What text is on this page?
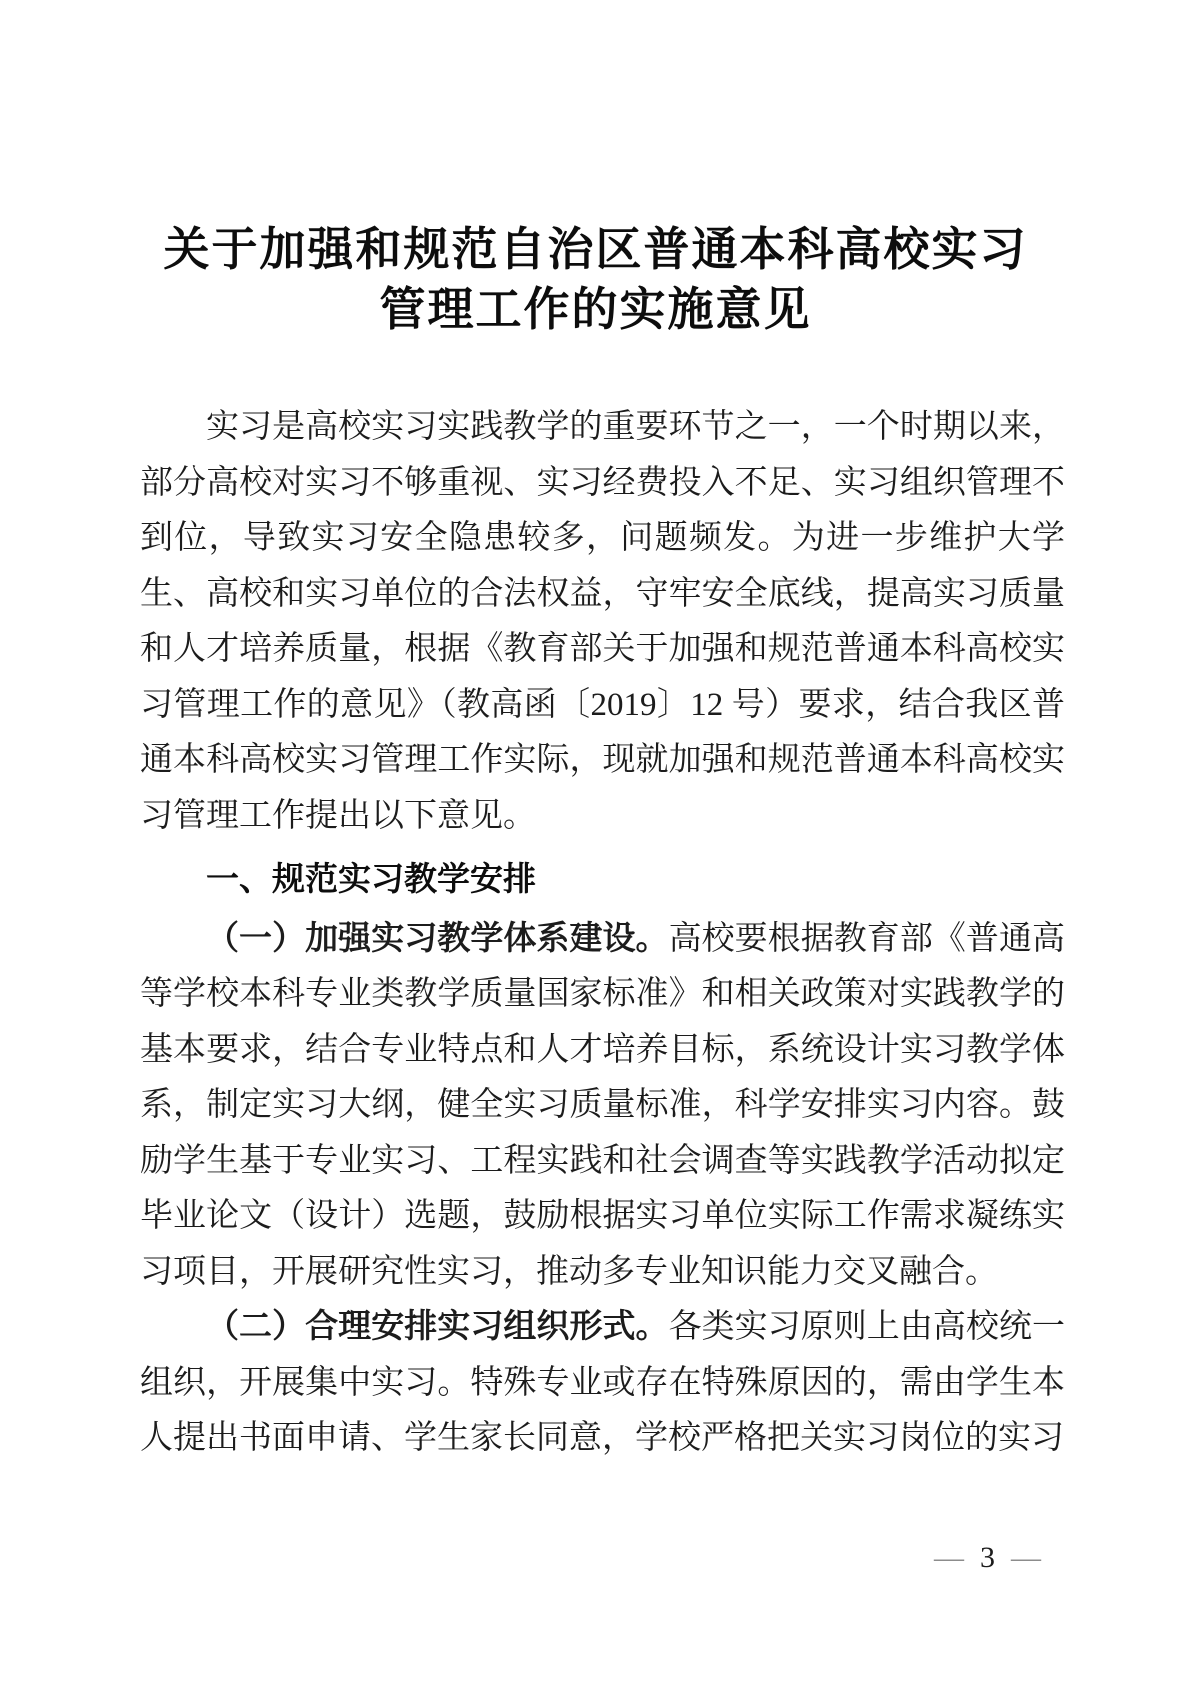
关于加强和规范自治区普通本科高校实习
管理工作的实施意见

实习是高校实习实践教学的重要环节之一，一个时期以来，部分高校对实习不够重视、实习经费投入不足、实习组织管理不到位，导致实习安全隐患较多，问题频发。为进一步维护大学生、高校和实习单位的合法权益，守牢安全底线，提高实习质量和人才培养质量，根据《教育部关于加强和规范普通本科高校实习管理工作的意见》（教高函〔2019〕12 号）要求，结合我区普通本科高校实习管理工作实际，现就加强和规范普通本科高校实习管理工作提出以下意见。

一、规范实习教学安排

（一）加强实习教学体系建设。高校要根据教育部《普通高等学校本科专业类教学质量国家标准》和相关政策对实践教学的基本要求，结合专业特点和人才培养目标，系统设计实习教学体系，制定实习大纲，健全实习质量标准，科学安排实习内容。鼓励学生基于专业实习、工程实践和社会调查等实践教学活动拟定毕业论文（设计）选题，鼓励根据实习单位实际工作需求凝练实习项目，开展研究性实习，推动多专业知识能力交叉融合。

（二）合理安排实习组织形式。各类实习原则上由高校统一组织，开展集中实习。特殊专业或存在特殊原因的，需由学生本人提出书面申请、学生家长同意，学校严格把关实习岗位的实习

— 3 —
